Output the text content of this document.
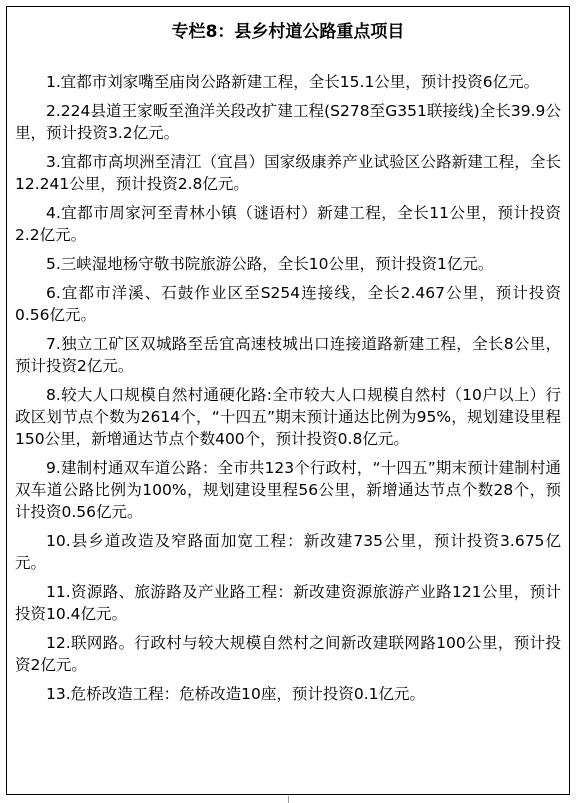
专栏8：县乡村道公路重点项目

1.宜都市刘家嘴至庙岗公路新建工程，全长15.1公里，预计投资6亿元。

2.224县道王家畈至渔洋关段改扩建工程(S278至G351联接线)全长39.9公里，预计投资3.2亿元。

3.宜都市高坝洲至清江（宜昌）国家级康养产业试验区公路新建工程，全长12.241公里，预计投资2.8亿元。

4.宜都市周家河至青林小镇（谜语村）新建工程，全长11公里，预计投资2.2亿元。

5.三峡湿地杨守敬书院旅游公路，全长10公里，预计投资1亿元。

6.宜都市洋溪、石鼓作业区至S254连接线，全长2.467公里，预计投资0.56亿元。

7.独立工矿区双城路至岳宜高速枝城出口连接道路新建工程，全长8公里，预计投资2亿元。

8.较大人口规模自然村通硬化路:全市较大人口规模自然村（10户以上）行政区划节点个数为2614个，“十四五”期末预计通达比例为95%，规划建设里程150公里，新增通达节点个数400个，预计投资0.8亿元。

9.建制村通双车道公路：全市共123个行政村，“十四五”期末预计建制村通双车道公路比例为100%，规划建设里程56公里，新增通达节点个数28个，预计投资0.56亿元。

10.县乡道改造及窄路面加宽工程：新改建735公里，预计投资3.675亿元。

11.资源路、旅游路及产业路工程：新改建资源旅游产业路121公里，预计投资10.4亿元。

12.联网路。行政村与较大规模自然村之间新改建联网路100公里，预计投资2亿元。

13.危桥改造工程：危桥改造10座，预计投资0.1亿元。
